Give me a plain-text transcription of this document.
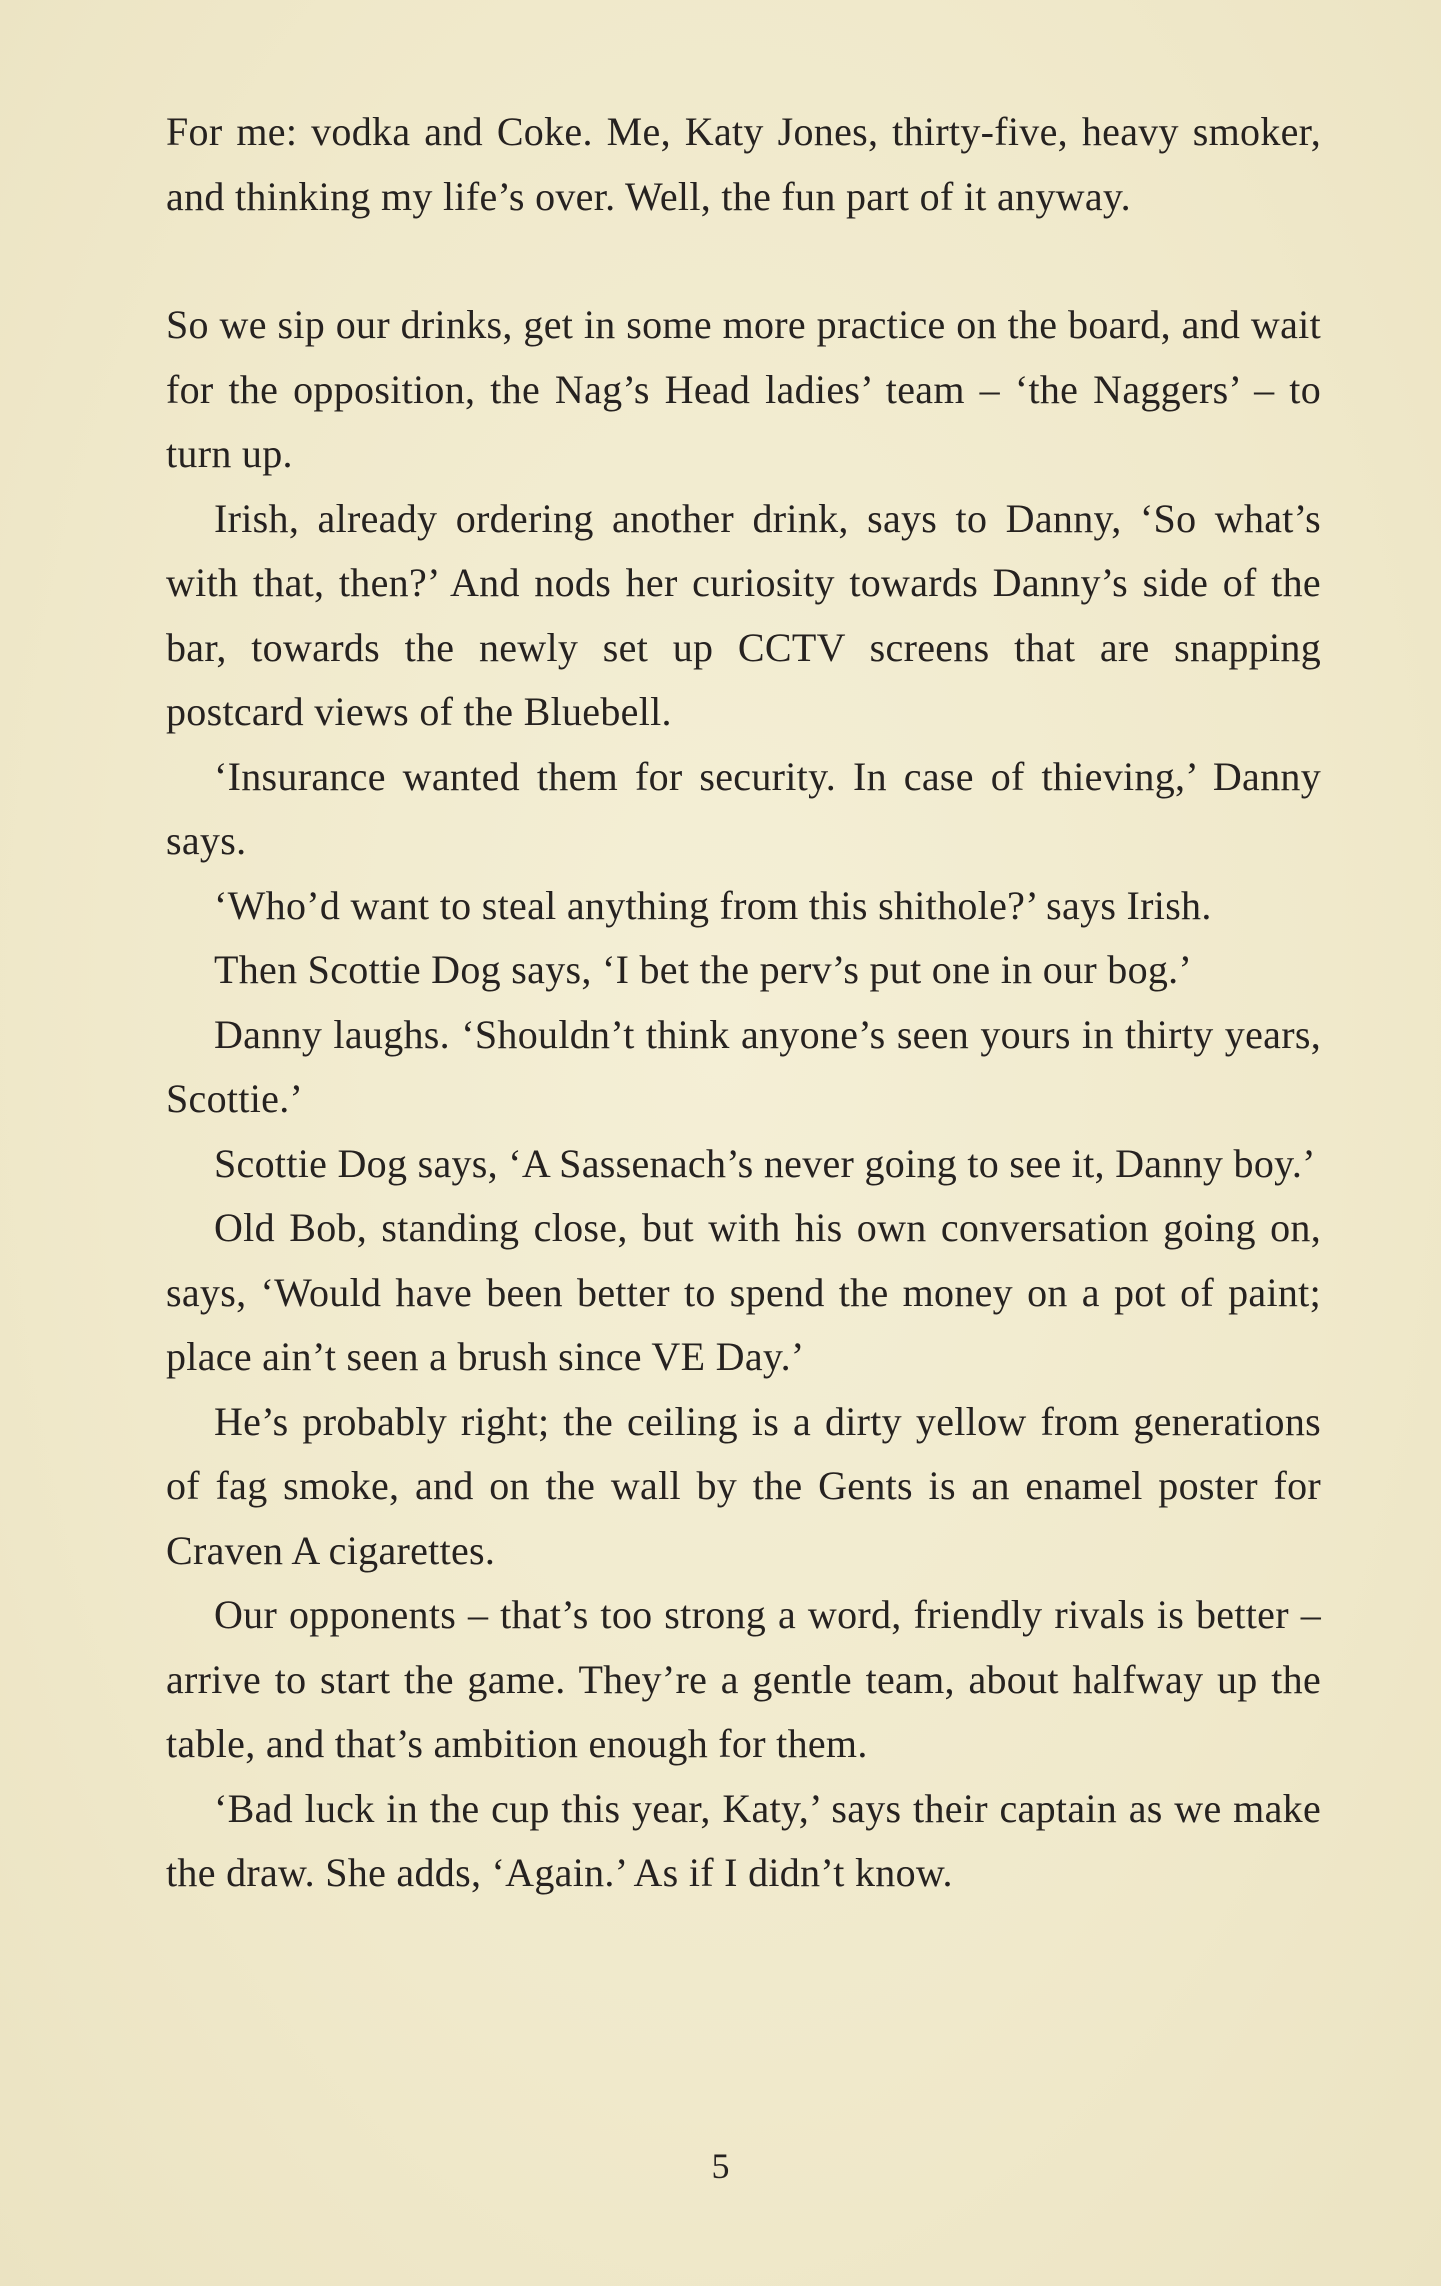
For me: vodka and Coke. Me, Katy Jones, thirty-five, heavy smoker, and thinking my life’s over. Well, the fun part of it anyway.

So we sip our drinks, get in some more practice on the board, and wait for the opposition, the Nag’s Head ladies’ team – ‘the Naggers’ – to turn up.

Irish, already ordering another drink, says to Danny, ‘So what’s with that, then?’ And nods her curiosity towards Danny’s side of the bar, towards the newly set up CCTV screens that are snapping postcard views of the Bluebell.

‘Insurance wanted them for security. In case of thieving,’ Danny says.

‘Who’d want to steal anything from this shithole?’ says Irish.

Then Scottie Dog says, ‘I bet the perv’s put one in our bog.’

Danny laughs. ‘Shouldn’t think anyone’s seen yours in thirty years, Scottie.’

Scottie Dog says, ‘A Sassenach’s never going to see it, Danny boy.’

Old Bob, standing close, but with his own conversation going on, says, ‘Would have been better to spend the money on a pot of paint; place ain’t seen a brush since VE Day.’

He’s probably right; the ceiling is a dirty yellow from generations of fag smoke, and on the wall by the Gents is an enamel poster for Craven A cigarettes.

Our opponents – that’s too strong a word, friendly rivals is better – arrive to start the game. They’re a gentle team, about halfway up the table, and that’s ambition enough for them.

‘Bad luck in the cup this year, Katy,’ says their captain as we make the draw. She adds, ‘Again.’ As if I didn’t know.

5
